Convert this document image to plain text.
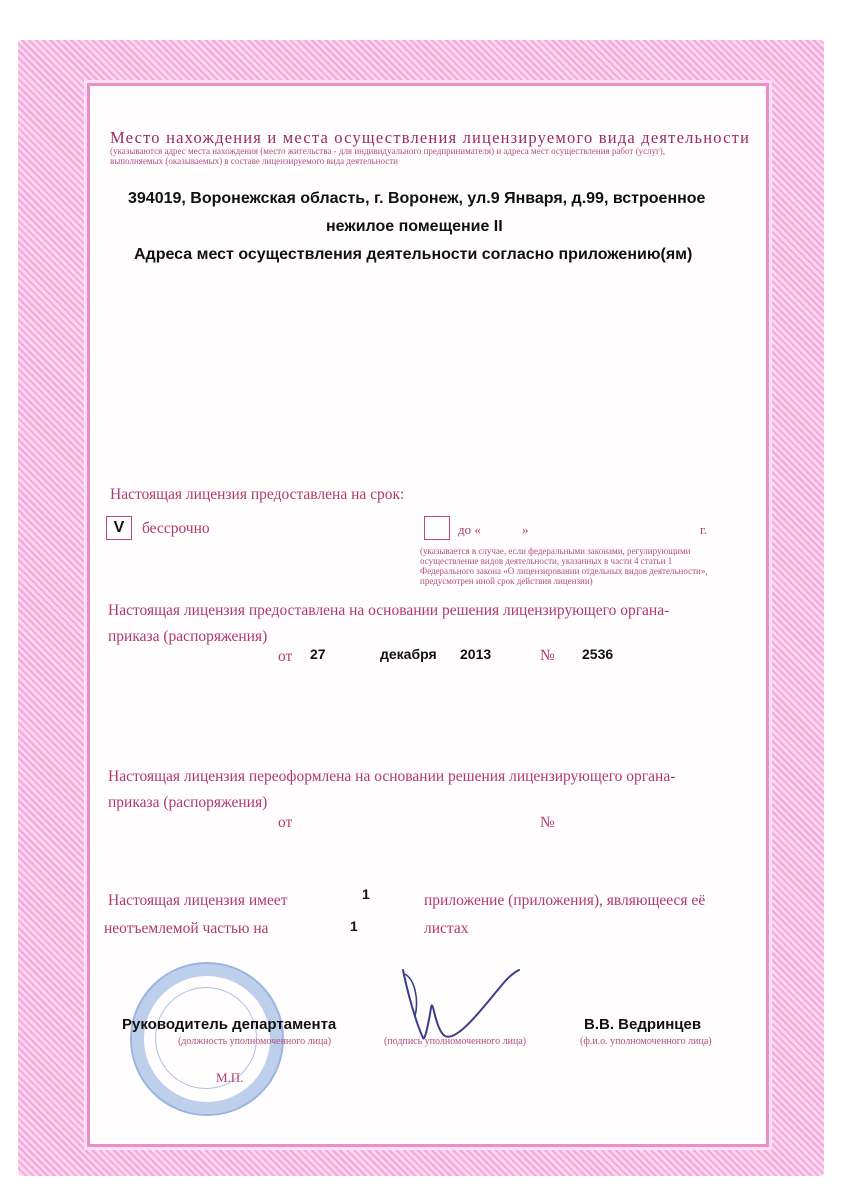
Место нахождения и места осуществления лицензируемого вида деятельности
(указываются адрес места нахождения (место жительства - для индивидуального предпринимателя) и адреса мест осуществления работ (услуг),
выполняемых (оказываемых) в составе лицензируемого вида деятельности
394019, Воронежская область, г. Воронеж, ул.9 Января, д.99, встроенное
нежилое помещение II
Адреса мест осуществления деятельности согласно приложению(ям)
Настоящая лицензия предоставлена на срок:
V	бессрочно	до «	»	г.
(указывается в случае, если федеральными законами, регулирующими
осуществление видов деятельности, указанных в части 4 статьи 1
Федерального закона «О лицензировании отдельных видов деятельности»,
предусмотрен иной срок действия лицензии)
Настоящая лицензия предоставлена на основании решения лицензирующего органа-
приказа (распоряжения)
от 27	декабря 2013	№ 2536
Настоящая лицензия переоформлена на основании решения лицензирующего органа-
приказа (распоряжения)
от	№
Настоящая лицензия имеет	1	приложение (приложения), являющееся её
неотъемлемой частью на	1	листах
Руководитель департамента
(должность уполномоченного лица)	(подпись уполномоченного лица)
В.В. Ведринцев
(ф.и.о. уполномоченного лица)
М.П.
